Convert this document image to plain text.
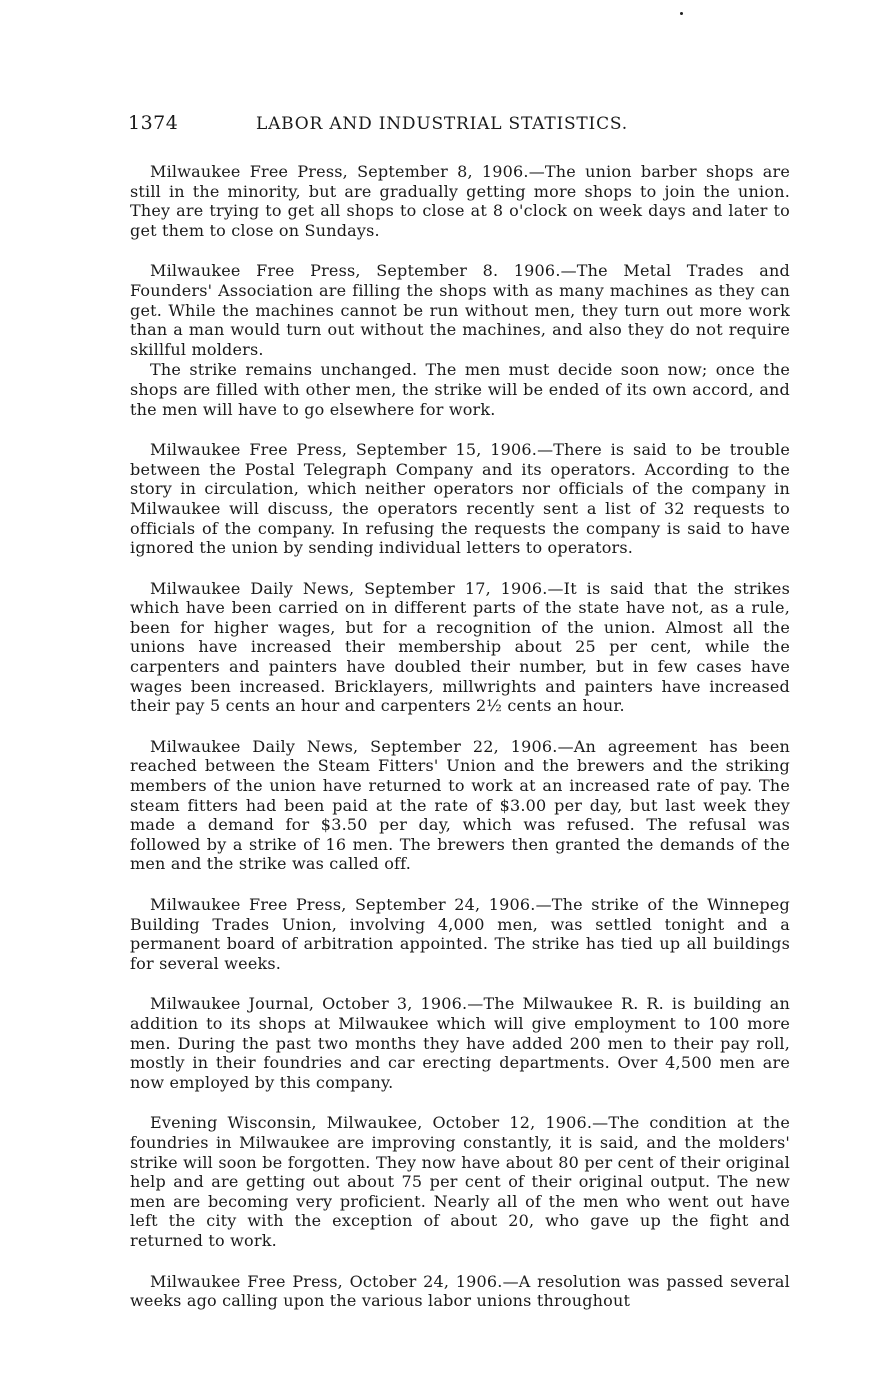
1374	LABOR AND INDUSTRIAL STATISTICS.

Milwaukee Free Press, September 8, 1906.—The union barber shops are still in the minority, but are gradually getting more shops to join the union. They are trying to get all shops to close at 8 o'clock on week days and later to get them to close on Sundays.

Milwaukee Free Press, September 8. 1906.—The Metal Trades and Founders' Association are filling the shops with as many machines as they can get. While the machines cannot be run without men, they turn out more work than a man would turn out without the machines, and also they do not require skillful molders.

The strike remains unchanged. The men must decide soon now; once the shops are filled with other men, the strike will be ended of its own accord, and the men will have to go elsewhere for work.

Milwaukee Free Press, September 15, 1906.—There is said to be trouble between the Postal Telegraph Company and its operators. According to the story in circulation, which neither operators nor officials of the company in Milwaukee will discuss, the operators recently sent a list of 32 requests to officials of the company. In refusing the requests the company is said to have ignored the union by sending individual letters to operators.

Milwaukee Daily News, September 17, 1906.—It is said that the strikes which have been carried on in different parts of the state have not, as a rule, been for higher wages, but for a recognition of the union. Almost all the unions have increased their membership about 25 per cent, while the carpenters and painters have doubled their number, but in few cases have wages been increased. Bricklayers, millwrights and painters have increased their pay 5 cents an hour and carpenters 2½ cents an hour.

Milwaukee Daily News, September 22, 1906.—An agreement has been reached between the Steam Fitters' Union and the brewers and the striking members of the union have returned to work at an increased rate of pay. The steam fitters had been paid at the rate of $3.00 per day, but last week they made a demand for $3.50 per day, which was refused. The refusal was followed by a strike of 16 men. The brewers then granted the demands of the men and the strike was called off.

Milwaukee Free Press, September 24, 1906.—The strike of the Winnepeg Building Trades Union, involving 4,000 men, was settled tonight and a permanent board of arbitration appointed. The strike has tied up all buildings for several weeks.

Milwaukee Journal, October 3, 1906.—The Milwaukee R. R. is building an addition to its shops at Milwaukee which will give employment to 100 more men. During the past two months they have added 200 men to their pay roll, mostly in their foundries and car erecting departments. Over 4,500 men are now employed by this company.

Evening Wisconsin, Milwaukee, October 12, 1906.—The condition at the foundries in Milwaukee are improving constantly, it is said, and the molders' strike will soon be forgotten. They now have about 80 per cent of their original help and are getting out about 75 per cent of their original output. The new men are becoming very proficient. Nearly all of the men who went out have left the city with the exception of about 20, who gave up the fight and returned to work.

Milwaukee Free Press, October 24, 1906.—A resolution was passed several weeks ago calling upon the various labor unions throughout
